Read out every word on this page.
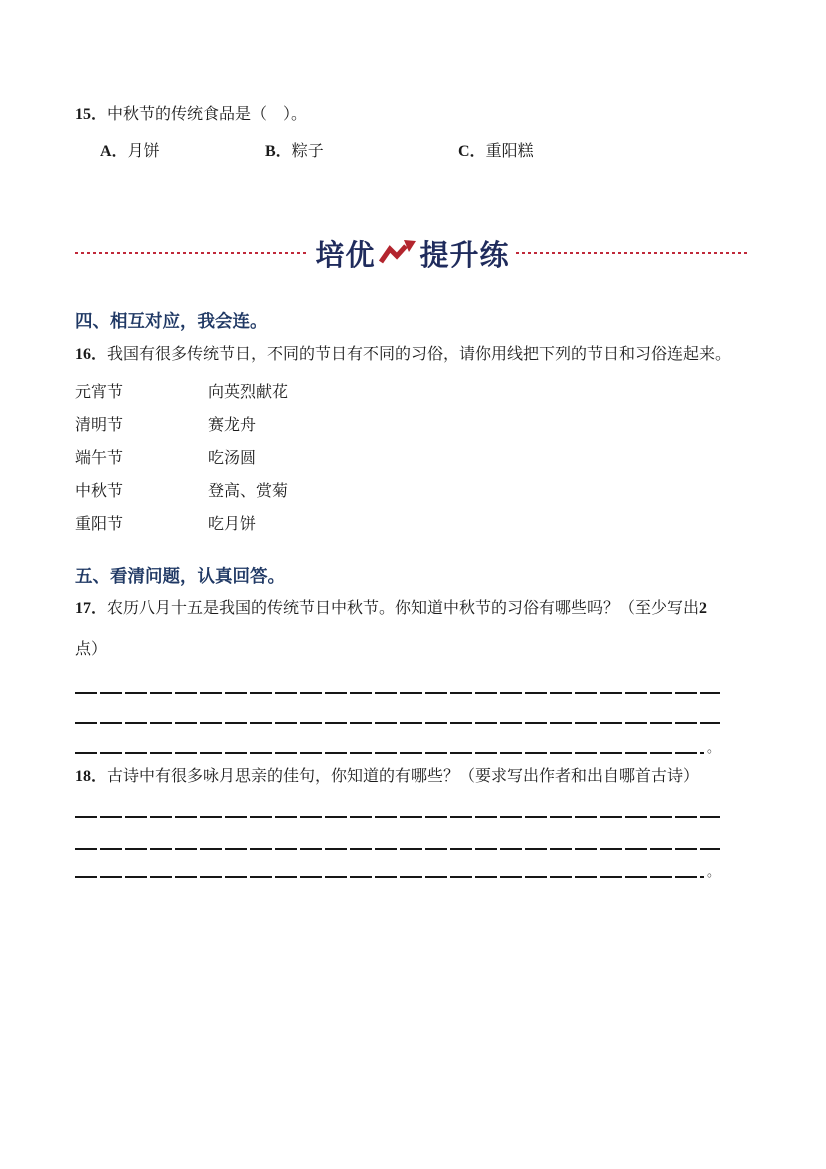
15．中秋节的传统食品是（　）。
A．月饼	B．粽子	C．重阳糕
培优 提升练
四、相互对应，我会连。
16．我国有很多传统节日，不同的节日有不同的习俗，请你用线把下列的节日和习俗连起来。
元宵节	向英烈献花
清明节	赛龙舟
端午节	吃汤圆
中秋节	登高、赏菊
重阳节	吃月饼
五、看清问题，认真回答。
17．农历八月十五是我国的传统节日中秋节。你知道中秋节的习俗有哪些吗？（至少写出2
点）
。
18．古诗中有很多咏月思亲的佳句，你知道的有哪些？（要求写出作者和出自哪首古诗）
。
